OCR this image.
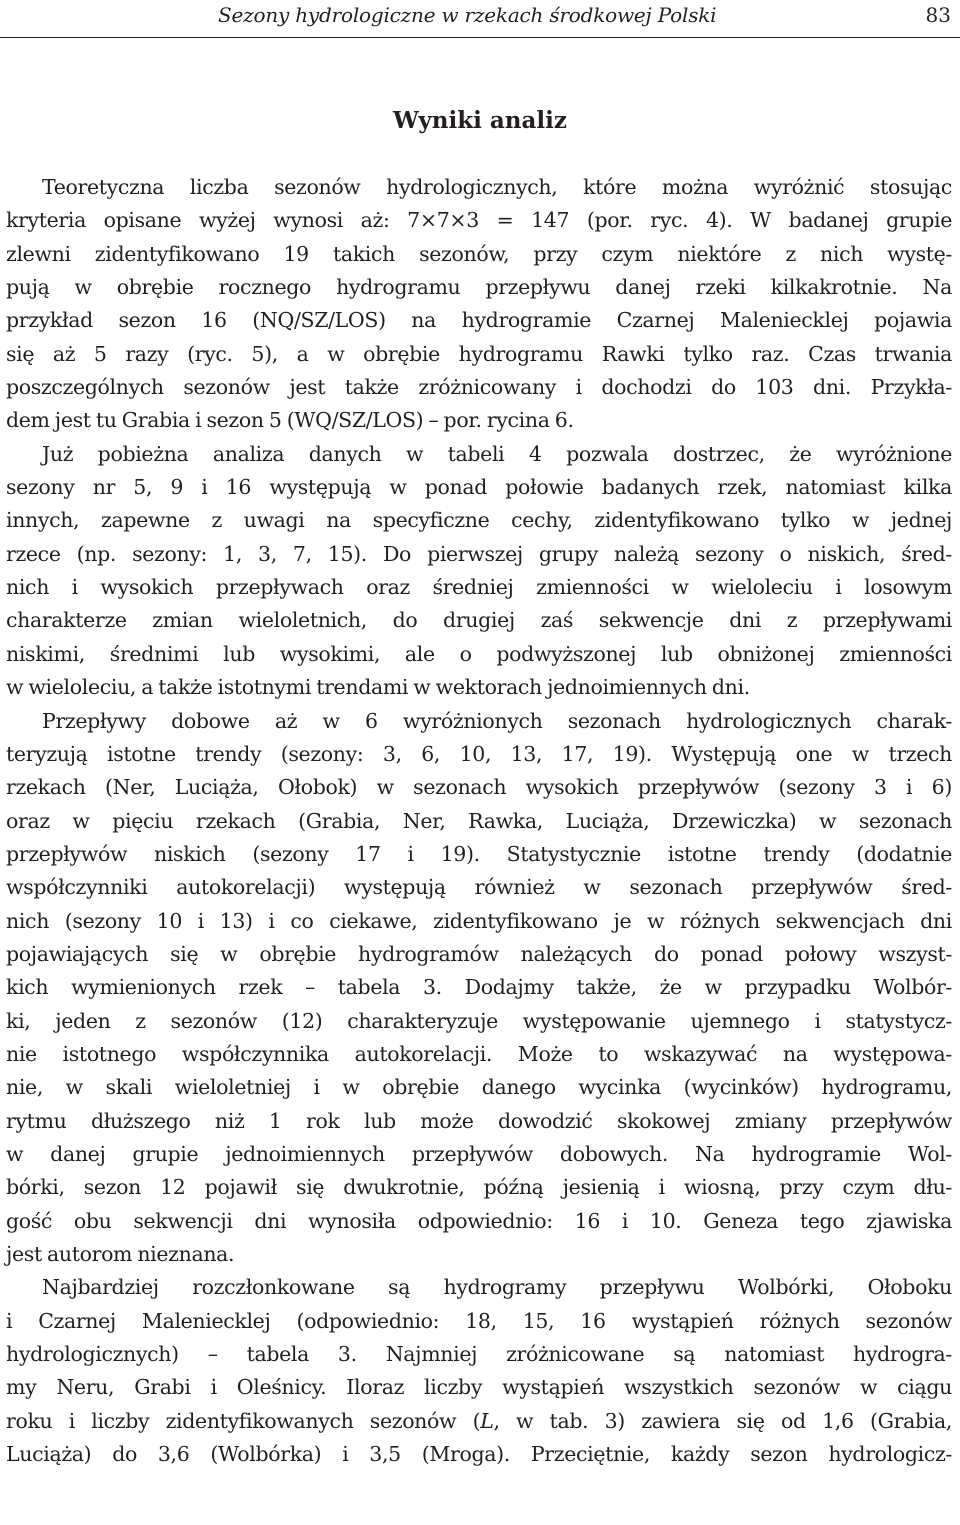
Sezony hydrologiczne w rzekach środkowej Polski	83
Wyniki analiz

Teoretyczna liczba sezonów hydrologicznych, które można wyróżnić stosując
kryteria opisane wyżej wynosi aż: 7×7×3 = 147 (por. ryc. 4). W badanej grupie
zlewni zidentyfikowano 19 takich sezonów, przy czym niektóre z nich wystę-
pują w obrębie rocznego hydrogramu przepływu danej rzeki kilkakrotnie. Na
przykład sezon 16 (NQ/SZ/LOS) na hydrogramie Czarnej Maleniecklej pojawia
się aż 5 razy (ryc. 5), a w obrębie hydrogramu Rawki tylko raz. Czas trwania
poszczególnych sezonów jest także zróżnicowany i dochodzi do 103 dni. Przykła-
dem jest tu Grabia i sezon 5 (WQ/SZ/LOS) – por. rycina 6.

Już pobieżna analiza danych w tabeli 4 pozwala dostrzec, że wyróżnione
sezony nr 5, 9 i 16 występują w ponad połowie badanych rzek, natomiast kilka
innych, zapewne z uwagi na specyficzne cechy, zidentyfikowano tylko w jednej
rzece (np. sezony: 1, 3, 7, 15). Do pierwszej grupy należą sezony o niskich, śred-
nich i wysokich przepływach oraz średniej zmienności w wieloleciu i losowym
charakterze zmian wieloletnich, do drugiej zaś sekwencje dni z przepływami
niskimi, średnimi lub wysokimi, ale o podwyższonej lub obniżonej zmienności
w wieloleciu, a także istotnymi trendami w wektorach jednoimiennych dni.

Przepływy dobowe aż w 6 wyróżnionych sezonach hydrologicznych charak-
teryzują istotne trendy (sezony: 3, 6, 10, 13, 17, 19). Występują one w trzech
rzekach (Ner, Luciąża, Ołobok) w sezonach wysokich przepływów (sezony 3 i 6)
oraz w pięciu rzekach (Grabia, Ner, Rawka, Luciąża, Drzewiczka) w sezonach
przepływów niskich (sezony 17 i 19). Statystycznie istotne trendy (dodatnie
współczynniki autokorelacji) występują również w sezonach przepływów śred-
nich (sezony 10 i 13) i co ciekawe, zidentyfikowano je w różnych sekwencjach dni
pojawiających się w obrębie hydrogramów należących do ponad połowy wszyst-
kich wymienionych rzek – tabela 3. Dodajmy także, że w przypadku Wolbór-
ki, jeden z sezonów (12) charakteryzuje występowanie ujemnego i statystycz-
nie istotnego współczynnika autokorelacji. Może to wskazywać na występowa-
nie, w skali wieloletniej i w obrębie danego wycinka (wycinków) hydrogramu,
rytmu dłuższego niż 1 rok lub może dowodzić skokowej zmiany przepływów
w danej grupie jednoimiennych przepływów dobowych. Na hydrogramie Wol-
bórki, sezon 12 pojawił się dwukrotnie, późną jesienią i wiosną, przy czym dłu-
gość obu sekwencji dni wynosiła odpowiednio: 16 i 10. Geneza tego zjawiska
jest autorom nieznana.

Najbardziej rozczłonkowane są hydrogramy przepływu Wolbórki, Ołoboku
i Czarnej Maleniecklej (odpowiednio: 18, 15, 16 wystąpień różnych sezonów
hydrologicznych) – tabela 3. Najmniej zróżnicowane są natomiast hydrogra-
my Neru, Grabi i Oleśnicy. Iloraz liczby wystąpień wszystkich sezonów w ciągu
roku i liczby zidentyfikowanych sezonów (L, w tab. 3) zawiera się od 1,6 (Grabia,
Luciąża) do 3,6 (Wolbórka) i 3,5 (Mroga). Przeciętnie, każdy sezon hydrologicz-
